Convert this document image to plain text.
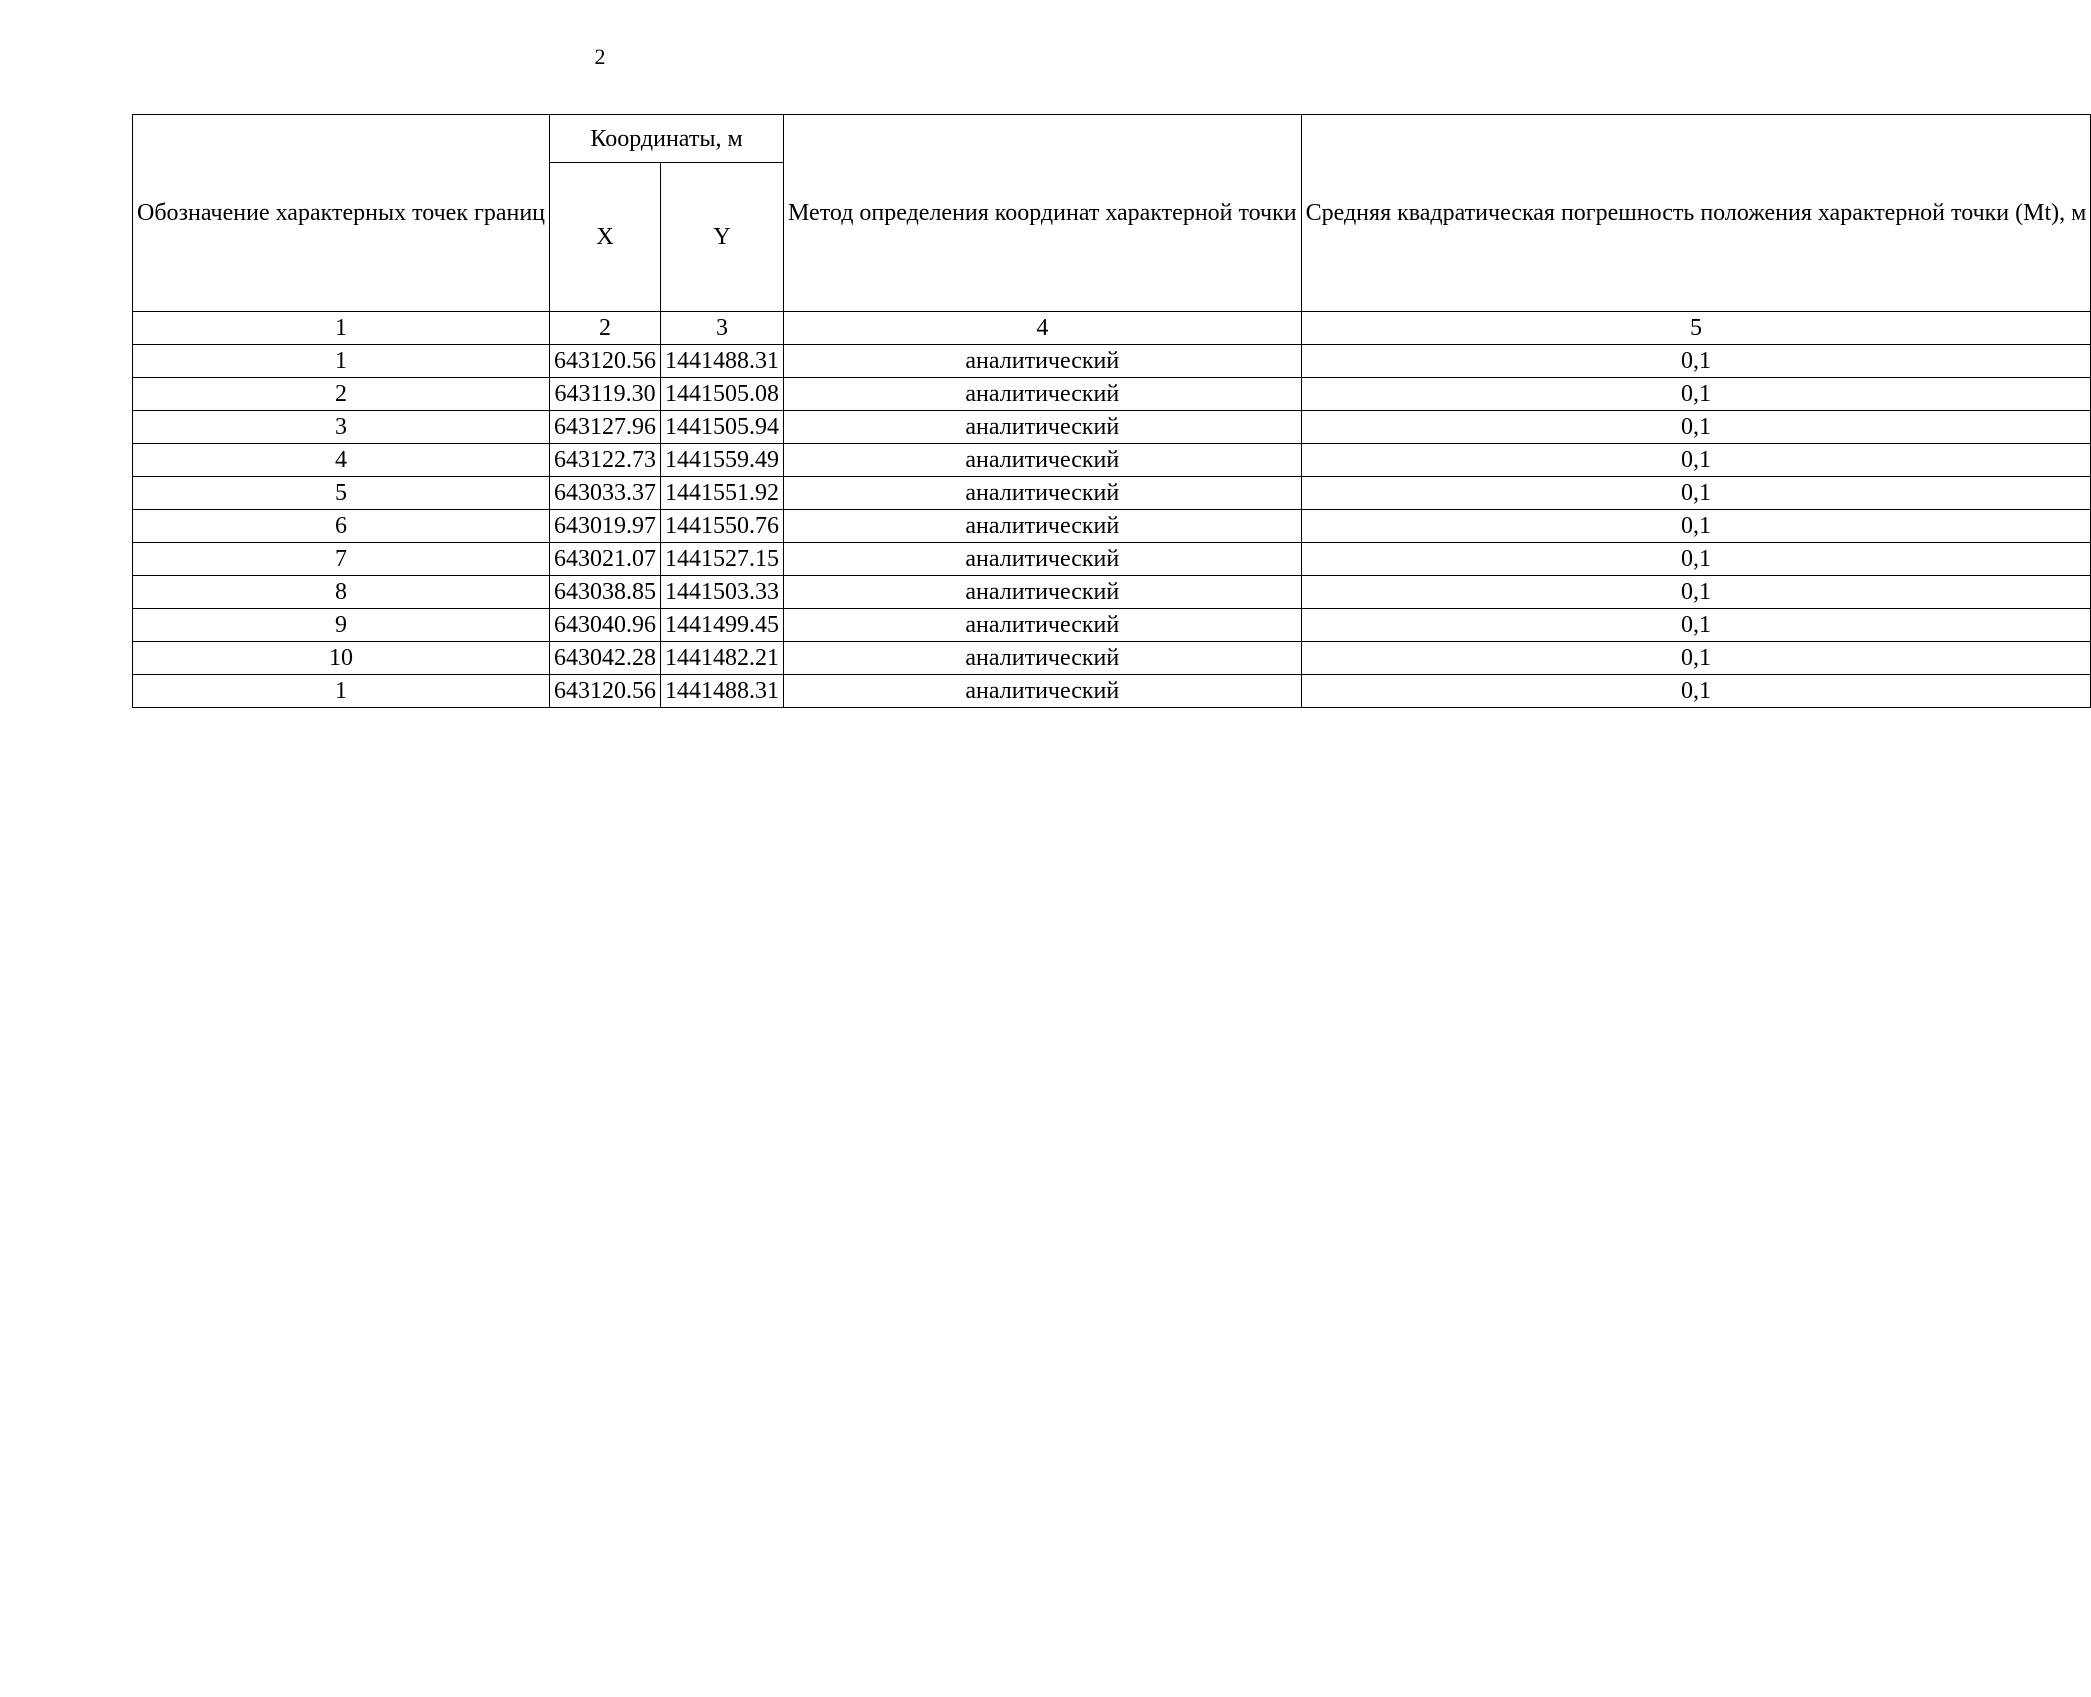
2
Обозначение характерных точек границ	Координаты, м		Метод определения координат характерной точки	Средняя квадратическая погрешность положения характерной точки (Mt), м
	X	Y		
1	2	3	4	5
1	643120.56	1441488.31	аналитический	0,1
2	643119.30	1441505.08	аналитический	0,1
3	643127.96	1441505.94	аналитический	0,1
4	643122.73	1441559.49	аналитический	0,1
5	643033.37	1441551.92	аналитический	0,1
6	643019.97	1441550.76	аналитический	0,1
7	643021.07	1441527.15	аналитический	0,1
8	643038.85	1441503.33	аналитический	0,1
9	643040.96	1441499.45	аналитический	0,1
10	643042.28	1441482.21	аналитический	0,1
1	643120.56	1441488.31	аналитический	0,1
